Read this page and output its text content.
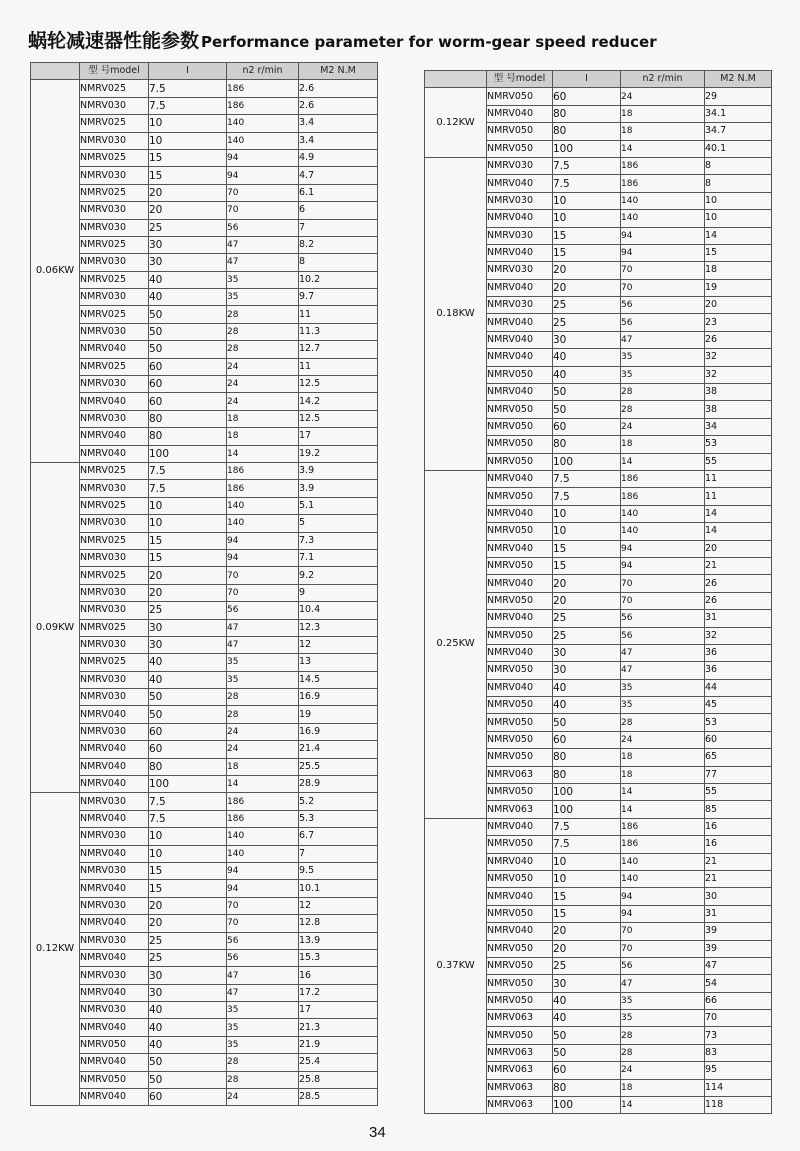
蜗轮减速器性能参数 Performance parameter for worm-gear speed reducer
	型 号model	I	n2 r/min	M2 N.M
0.06KW	NMRV025	7.5	186	2.6
	NMRV030	7.5	186	2.6
	NMRV025	10	140	3.4
	NMRV030	10	140	3.4
	NMRV025	15	94	4.9
	NMRV030	15	94	4.7
	NMRV025	20	70	6.1
	NMRV030	20	70	6
	NMRV030	25	56	7
	NMRV025	30	47	8.2
	NMRV030	30	47	8
	NMRV025	40	35	10.2
	NMRV030	40	35	9.7
	NMRV025	50	28	11
	NMRV030	50	28	11.3
	NMRV040	50	28	12.7
	NMRV025	60	24	11
	NMRV030	60	24	12.5
	NMRV040	60	24	14.2
	NMRV030	80	18	12.5
	NMRV040	80	18	17
	NMRV040	100	14	19.2
0.09KW	NMRV025	7.5	186	3.9
	NMRV030	7.5	186	3.9
	NMRV025	10	140	5.1
	NMRV030	10	140	5
	NMRV025	15	94	7.3
	NMRV030	15	94	7.1
	NMRV025	20	70	9.2
	NMRV030	20	70	9
	NMRV030	25	56	10.4
	NMRV025	30	47	12.3
	NMRV030	30	47	12
	NMRV025	40	35	13
	NMRV030	40	35	14.5
	NMRV030	50	28	16.9
	NMRV040	50	28	19
	NMRV030	60	24	16.9
	NMRV040	60	24	21.4
	NMRV040	80	18	25.5
	NMRV040	100	14	28.9
0.12KW	NMRV030	7.5	186	5.2
	NMRV040	7.5	186	5.3
	NMRV030	10	140	6.7
	NMRV040	10	140	7
	NMRV030	15	94	9.5
	NMRV040	15	94	10.1
	NMRV030	20	70	12
	NMRV040	20	70	12.8
	NMRV030	25	56	13.9
	NMRV040	25	56	15.3
	NMRV030	30	47	16
	NMRV040	30	47	17.2
	NMRV030	40	35	17
	NMRV040	40	35	21.3
	NMRV050	40	35	21.9
	NMRV040	50	28	25.4
	NMRV050	50	28	25.8
	NMRV040	60	24	28.5
	型 号model	I	n2 r/min	M2 N.M
0.12KW	NMRV050	60	24	29
	NMRV040	80	18	34.1
	NMRV050	80	18	34.7
	NMRV050	100	14	40.1
0.18KW	NMRV030	7.5	186	8
	NMRV040	7.5	186	8
	NMRV030	10	140	10
	NMRV040	10	140	10
	NMRV030	15	94	14
	NMRV040	15	94	15
	NMRV030	20	70	18
	NMRV040	20	70	19
	NMRV030	25	56	20
	NMRV040	25	56	23
	NMRV040	30	47	26
	NMRV040	40	35	32
	NMRV050	40	35	32
	NMRV040	50	28	38
	NMRV050	50	28	38
	NMRV050	60	24	34
	NMRV050	80	18	53
	NMRV050	100	14	55
0.25KW	NMRV040	7.5	186	11
	NMRV050	7.5	186	11
	NMRV040	10	140	14
	NMRV050	10	140	14
	NMRV040	15	94	20
	NMRV050	15	94	21
	NMRV040	20	70	26
	NMRV050	20	70	26
	NMRV040	25	56	31
	NMRV050	25	56	32
	NMRV040	30	47	36
	NMRV050	30	47	36
	NMRV040	40	35	44
	NMRV050	40	35	45
	NMRV050	50	28	53
	NMRV050	60	24	60
	NMRV050	80	18	65
	NMRV063	80	18	77
	NMRV050	100	14	55
	NMRV063	100	14	85
0.37KW	NMRV040	7.5	186	16
	NMRV050	7.5	186	16
	NMRV040	10	140	21
	NMRV050	10	140	21
	NMRV040	15	94	30
	NMRV050	15	94	31
	NMRV040	20	70	39
	NMRV050	20	70	39
	NMRV050	25	56	47
	NMRV050	30	47	54
	NMRV050	40	35	66
	NMRV063	40	35	70
	NMRV050	50	28	73
	NMRV063	50	28	83
	NMRV063	60	24	95
	NMRV063	80	18	114
	NMRV063	100	14	118
34
